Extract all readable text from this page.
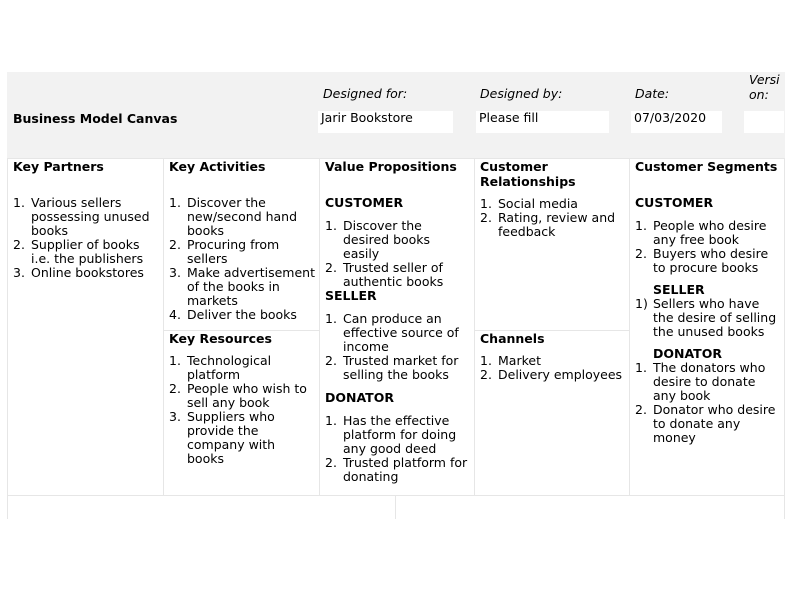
Business Model Canvas
Designed for:
Jarir Bookstore
Designed by:
Please fill
Date:
07/03/2020
Version:
Key Partners
1. Various sellers possessing unused books
2. Supplier of books i.e. the publishers
3. Online bookstores
Key Activities
1. Discover the new/second hand books
2. Procuring from sellers
3. Make advertisement of the books in markets
4. Deliver the books
Key Resources
1. Technological platform
2. People who wish to sell any book
3. Suppliers who provide the company with books
Value Propositions
CUSTOMER
1. Discover the desired books easily
2. Trusted seller of authentic books
SELLER
1. Can produce an effective source of income
2. Trusted market for selling the books
DONATOR
1. Has the effective platform for doing any good deed
2. Trusted platform for donating
Customer Relationships
1. Social media
2. Rating, review and feedback
Channels
1. Market
2. Delivery employees
Customer Segments
CUSTOMER
1. People who desire any free book
2. Buyers who desire to procure books
SELLER
1) Sellers who have the desire of selling the unused books
DONATOR
1. The donators who desire to donate any book
2. Donator who desire to donate any money
